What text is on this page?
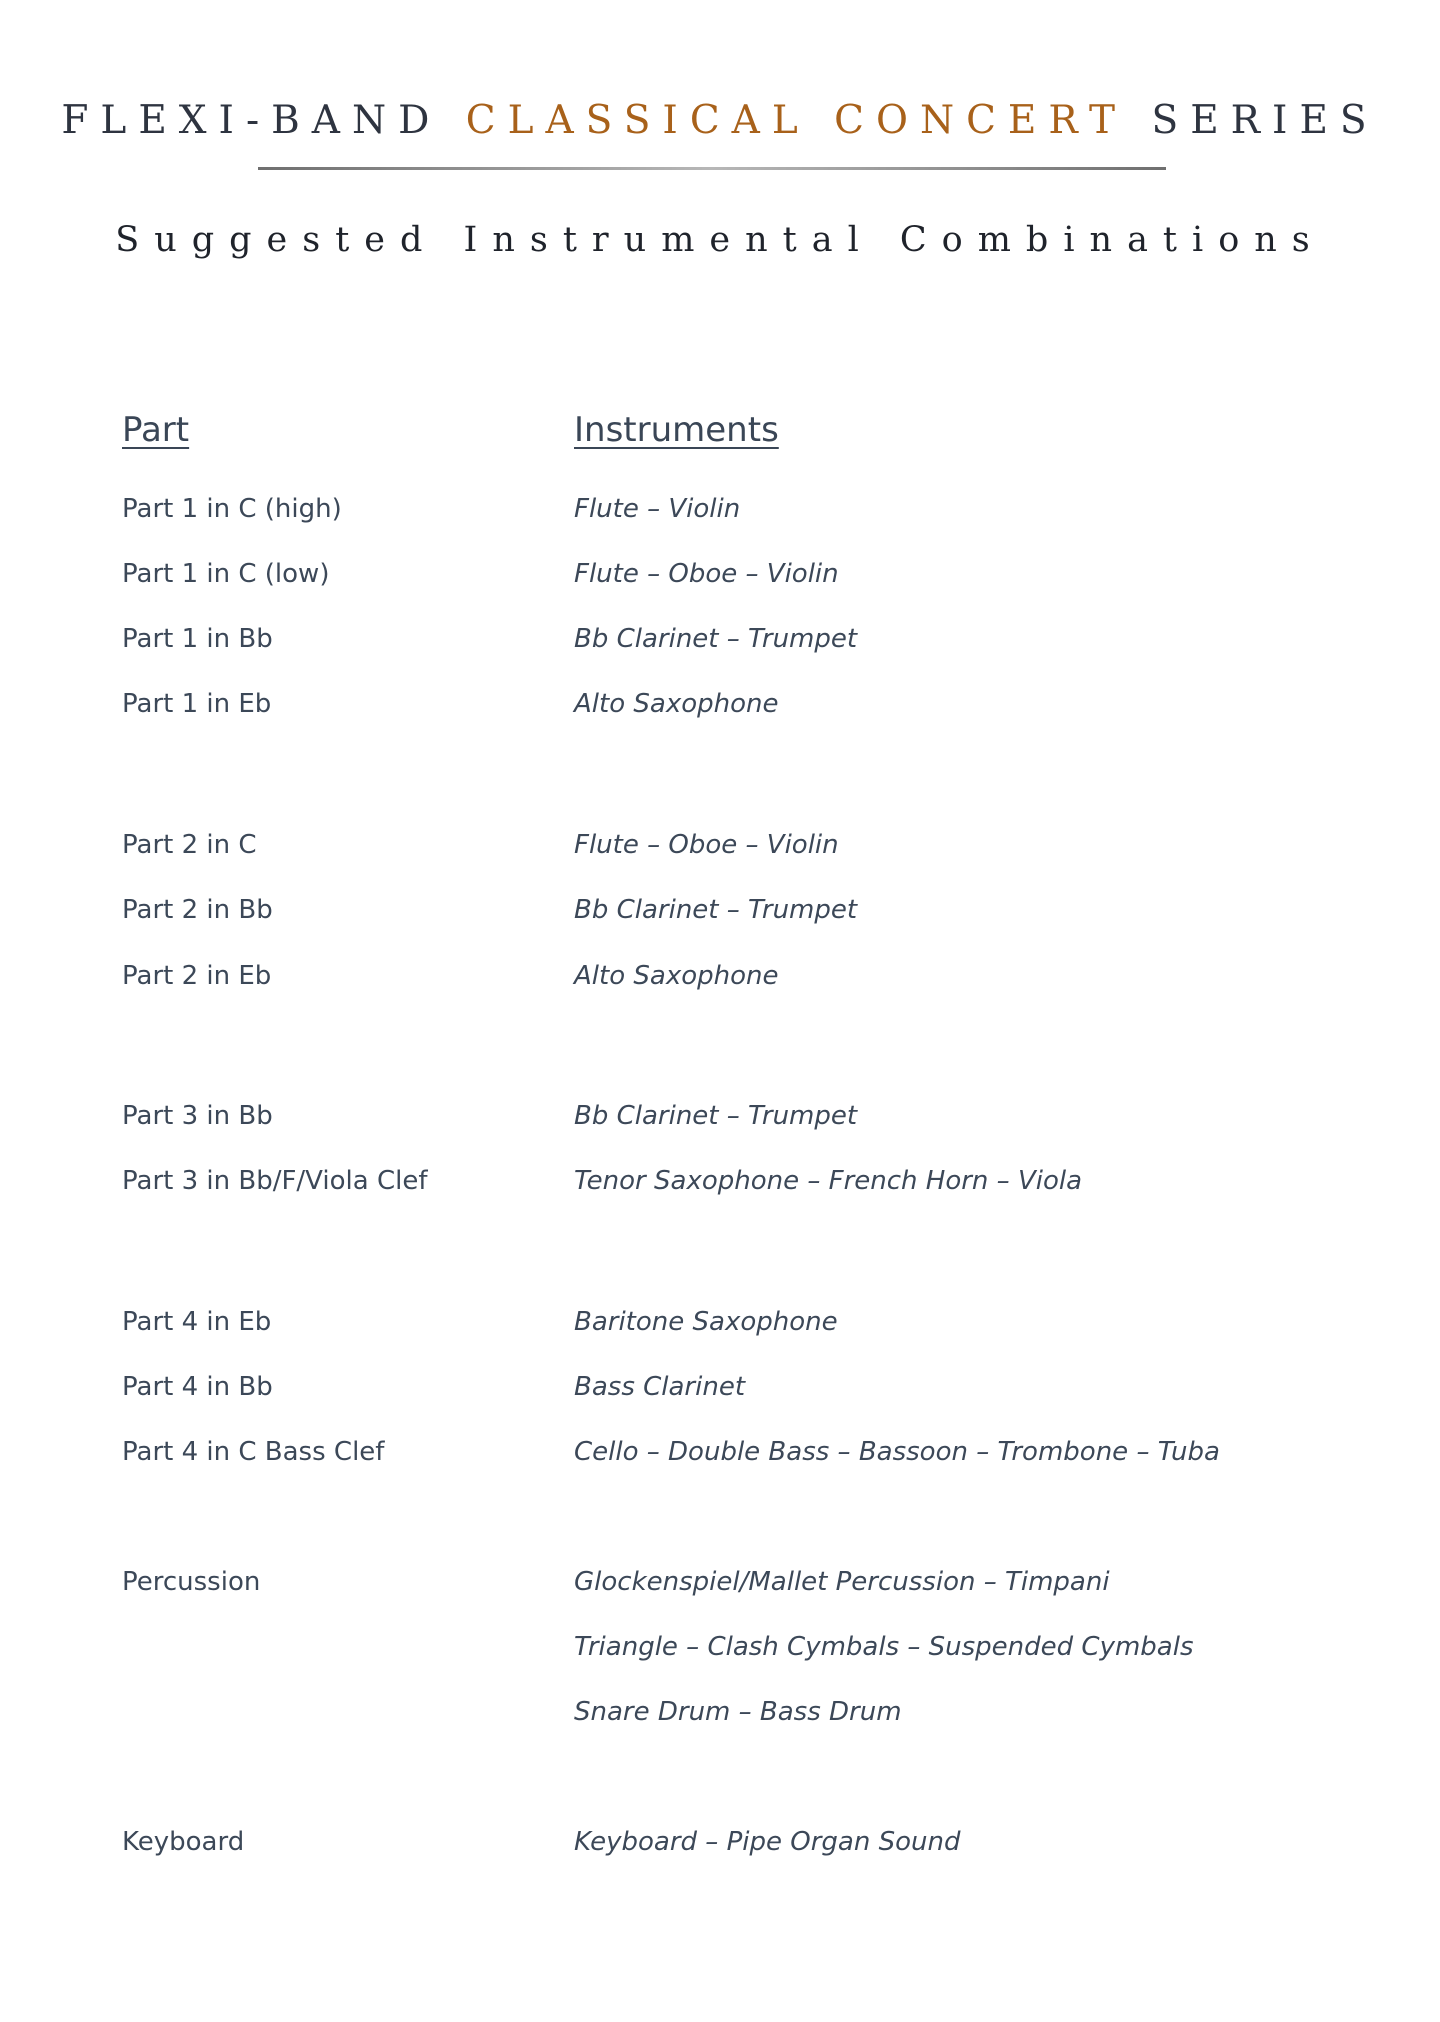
FLEXI-BAND CLASSICAL CONCERT SERIES
Suggested Instrumental Combinations
Part	Instruments
Part 1 in C (high)	Flute – Violin
Part 1 in C (low)	Flute – Oboe – Violin
Part 1 in Bb	Bb Clarinet – Trumpet
Part 1 in Eb	Alto Saxophone
Part 2 in C	Flute – Oboe – Violin
Part 2 in Bb	Bb Clarinet – Trumpet
Part 2 in Eb	Alto Saxophone
Part 3 in Bb	Bb Clarinet – Trumpet
Part 3 in Bb/F/Viola Clef	Tenor Saxophone – French Horn – Viola
Part 4 in Eb	Baritone Saxophone
Part 4 in Bb	Bass Clarinet
Part 4 in C Bass Clef	Cello – Double Bass – Bassoon – Trombone – Tuba
Percussion	Glockenspiel/Mallet Percussion – Timpani
Triangle – Clash Cymbals – Suspended Cymbals
Snare Drum – Bass Drum
Keyboard	Keyboard – Pipe Organ Sound
